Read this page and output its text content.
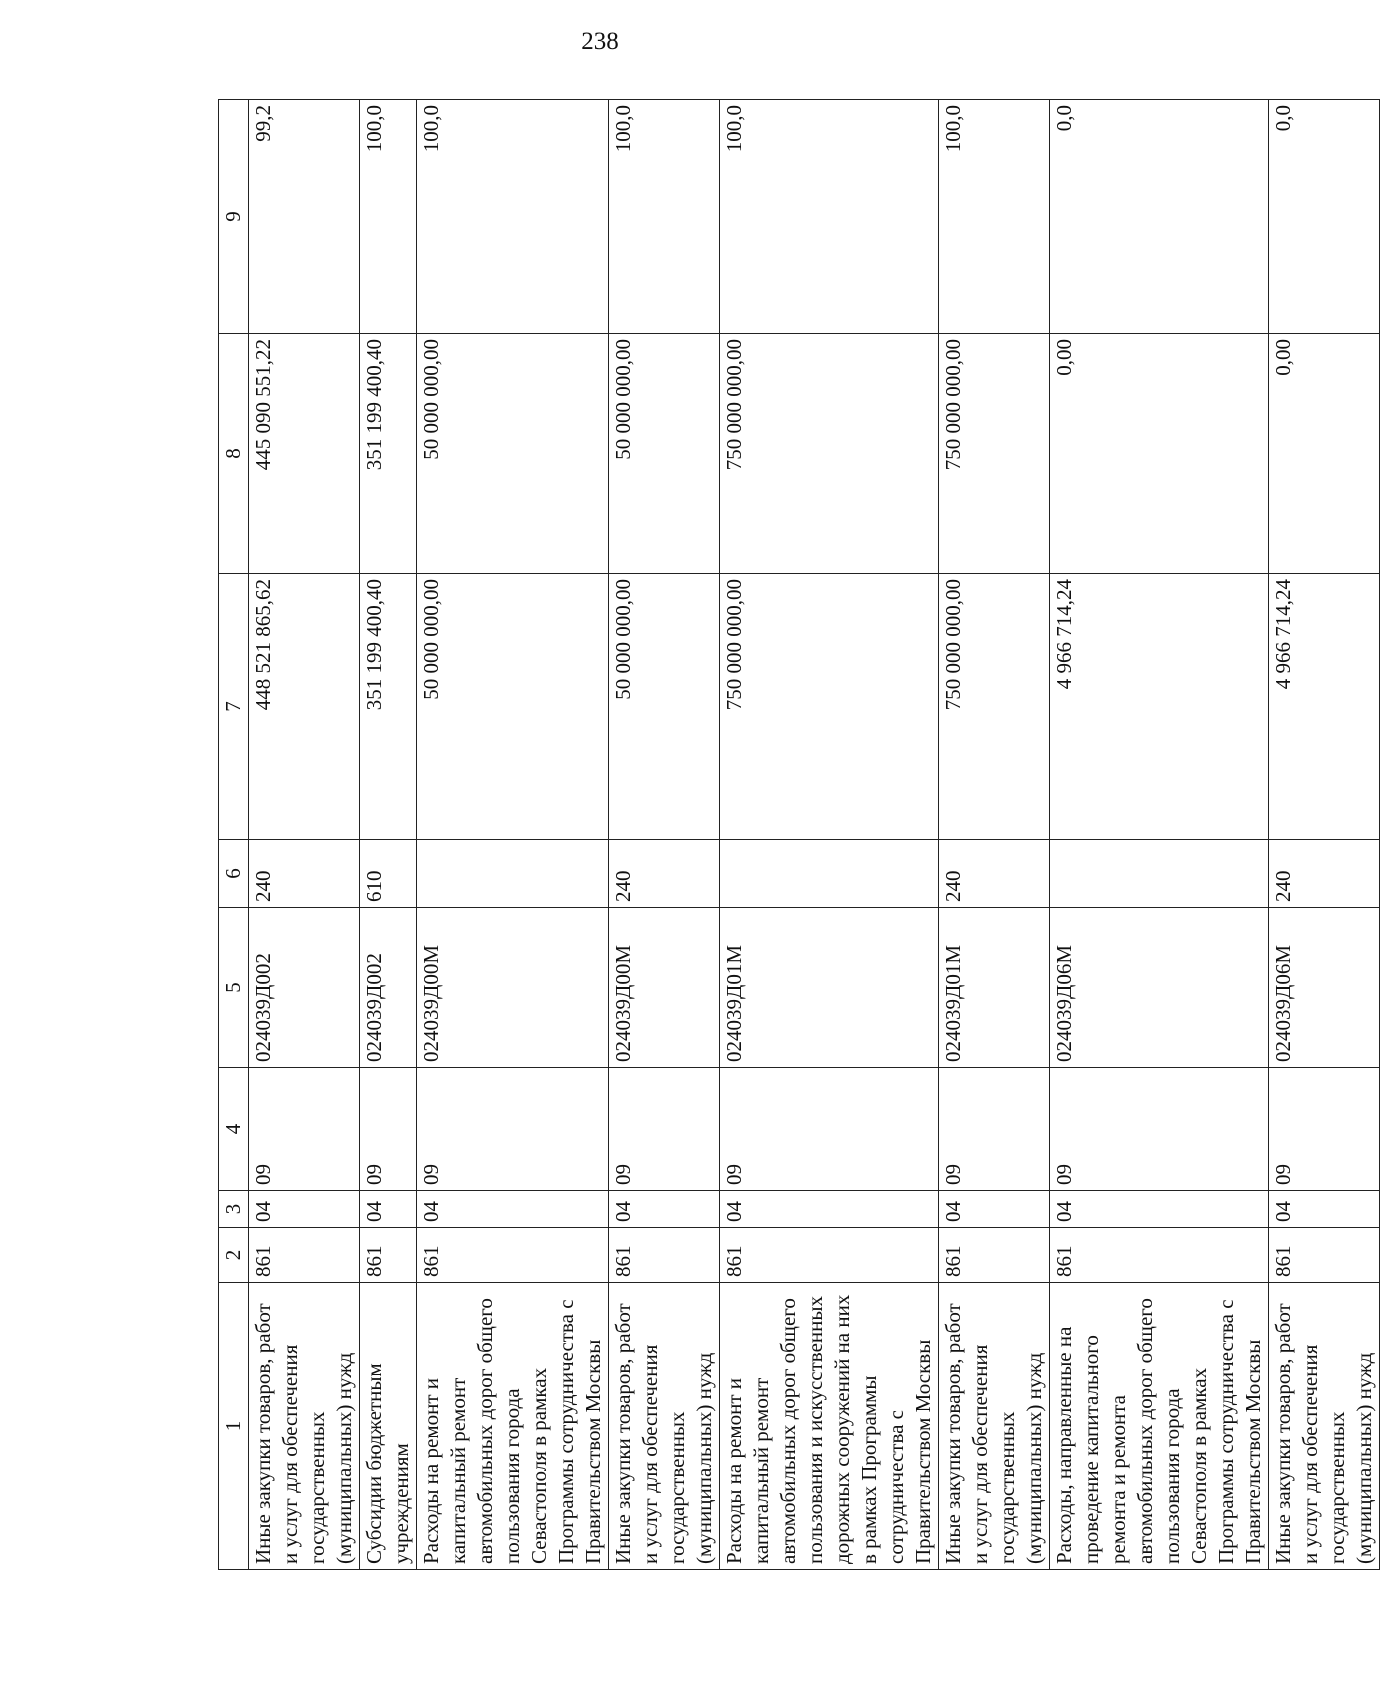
238
1	2	3	4	5	6	7	8	9
Иные закупки товаров, работ и услуг для обеспечения государственных (муниципальных) нужд	861	04	09	024039Д002	240	448 521 865,62	445 090 551,22	99,2
Субсидии бюджетным учреждениям	861	04	09	024039Д002	610	351 199 400,40	351 199 400,40	100,0
Расходы на ремонт и капитальный ремонт автомобильных дорог общего пользования города Севастополя в рамках Программы сотрудничества с Правительством Москвы	861	04	09	024039Д00М		50 000 000,00	50 000 000,00	100,0
Иные закупки товаров, работ и услуг для обеспечения государственных (муниципальных) нужд	861	04	09	024039Д00М	240	50 000 000,00	50 000 000,00	100,0
Расходы на ремонт и капитальный ремонт автомобильных дорог общего пользования и искусственных дорожных сооружений на них в рамках Программы сотрудничества с Правительством Москвы	861	04	09	024039Д01М		750 000 000,00	750 000 000,00	100,0
Иные закупки товаров, работ и услуг для обеспечения государственных (муниципальных) нужд	861	04	09	024039Д01М	240	750 000 000,00	750 000 000,00	100,0
Расходы, направленные на проведение капитального ремонта и ремонта автомобильных дорог общего пользования города Севастополя в рамках Программы сотрудничества с Правительством Москвы	861	04	09	024039Д06М		4 966 714,24	0,00	0,0
Иные закупки товаров, работ и услуг для обеспечения государственных (муниципальных) нужд	861	04	09	024039Д06М	240	4 966 714,24	0,00	0,0
